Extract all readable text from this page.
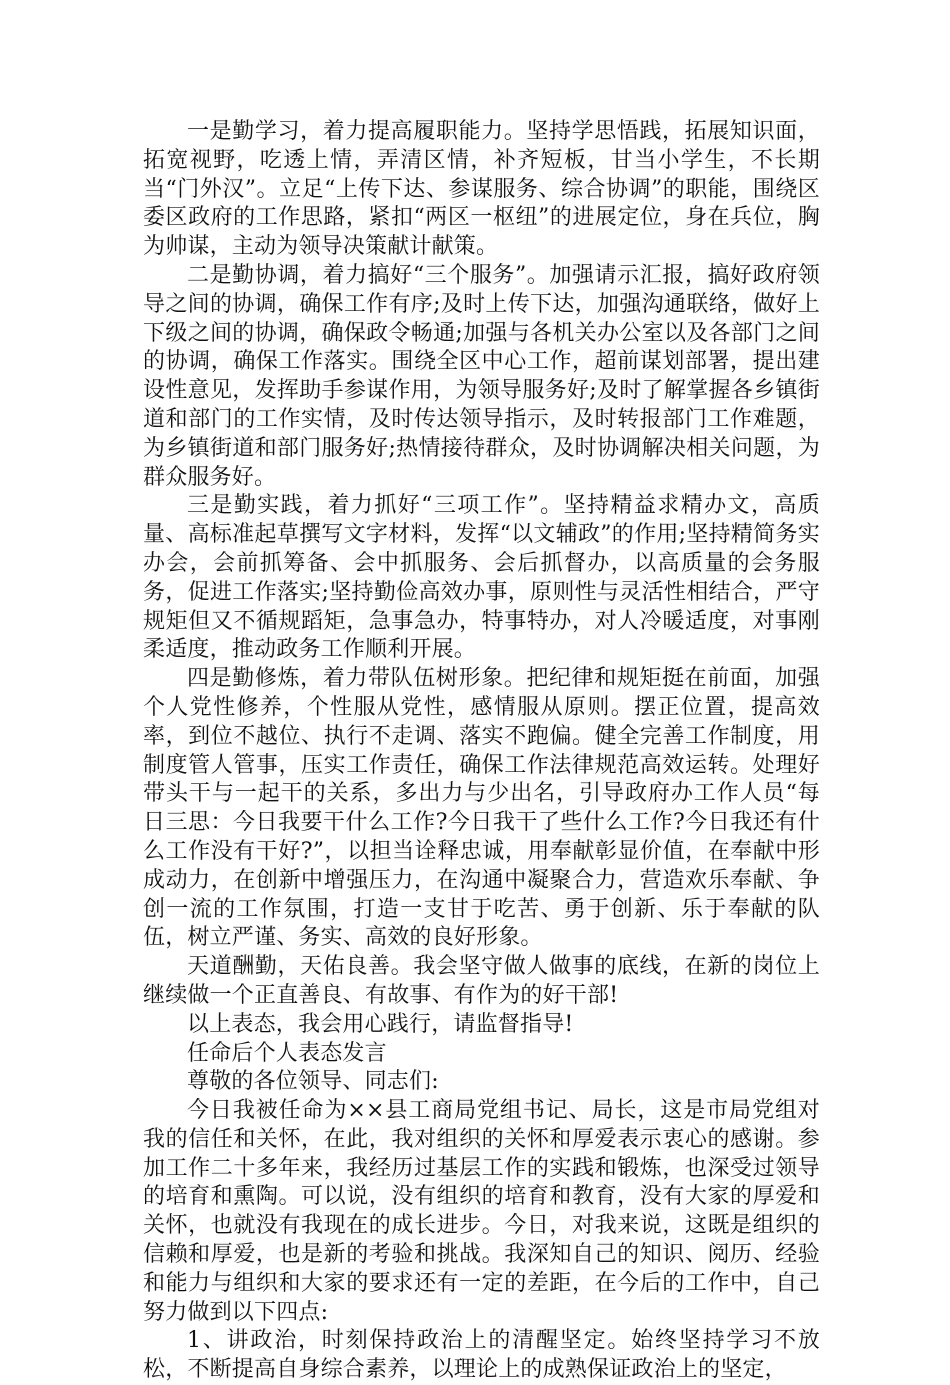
一是勤学习，着力提高履职能力。坚持学思悟践，拓展知识面，拓宽视野，吃透上情，弄清区情，补齐短板，甘当小学生，不长期当“门外汉”。立足“上传下达、参谋服务、综合协调”的职能，围绕区委区政府的工作思路，紧扣“两区一枢纽”的进展定位，身在兵位，胸为帅谋，主动为领导决策献计献策。

二是勤协调，着力搞好“三个服务”。加强请示汇报，搞好政府领导之间的协调，确保工作有序;及时上传下达，加强沟通联络，做好上下级之间的协调，确保政令畅通;加强与各机关办公室以及各部门之间的协调，确保工作落实。围绕全区中心工作，超前谋划部署，提出建设性意见，发挥助手参谋作用，为领导服务好;及时了解掌握各乡镇街道和部门的工作实情，及时传达领导指示，及时转报部门工作难题，为乡镇街道和部门服务好;热情接待群众，及时协调解决相关问题，为群众服务好。

三是勤实践，着力抓好“三项工作”。坚持精益求精办文，高质量、高标准起草撰写文字材料，发挥“以文辅政”的作用;坚持精简务实办会，会前抓筹备、会中抓服务、会后抓督办，以高质量的会务服务，促进工作落实;坚持勤俭高效办事，原则性与灵活性相结合，严守规矩但又不循规蹈矩，急事急办，特事特办，对人冷暖适度，对事刚柔适度，推动政务工作顺利开展。

四是勤修炼，着力带队伍树形象。把纪律和规矩挺在前面，加强个人党性修养，个性服从党性，感情服从原则。摆正位置，提高效率，到位不越位、执行不走调、落实不跑偏。健全完善工作制度，用制度管人管事，压实工作责任，确保工作法律规范高效运转。处理好带头干与一起干的关系，多出力与少出名，引导政府办工作人员“每日三思：今日我要干什么工作?今日我干了些什么工作?今日我还有什么工作没有干好?”，以担当诠释忠诚，用奉献彰显价值，在奉献中形成动力，在创新中增强压力，在沟通中凝聚合力，营造欢乐奉献、争创一流的工作氛围，打造一支甘于吃苦、勇于创新、乐于奉献的队伍，树立严谨、务实、高效的良好形象。

天道酬勤，天佑良善。我会坚守做人做事的底线，在新的岗位上继续做一个正直善良、有故事、有作为的好干部!

以上表态，我会用心践行，请监督指导!

任命后个人表态发言

尊敬的各位领导、同志们:

今日我被任命为××县工商局党组书记、局长，这是市局党组对我的信任和关怀，在此，我对组织的关怀和厚爱表示衷心的感谢。参加工作二十多年来，我经历过基层工作的实践和锻炼，也深受过领导的培育和熏陶。可以说，没有组织的培育和教育，没有大家的厚爱和关怀，也就没有我现在的成长进步。今日，对我来说，这既是组织的信赖和厚爱，也是新的考验和挑战。我深知自己的知识、阅历、经验和能力与组织和大家的要求还有一定的差距，在今后的工作中，自己努力做到以下四点:

1、讲政治，时刻保持政治上的清醒坚定。始终坚持学习不放松，不断提高自身综合素养，以理论上的成熟保证政治上的坚定，
